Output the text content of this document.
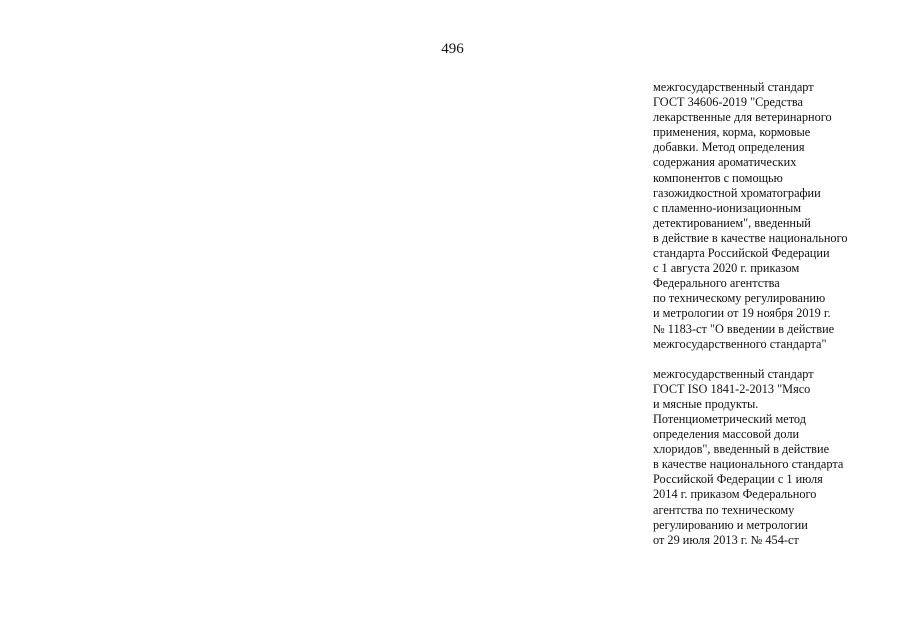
496

межгосударственный стандарт
ГОСТ 34606-2019 "Средства
лекарственные для ветеринарного
применения, корма, кормовые
добавки. Метод определения
содержания ароматических
компонентов с помощью
газожидкостной хроматографии
с пламенно-ионизационным
детектированием", введенный
в действие в качестве национального
стандарта Российской Федерации
с 1 августа 2020 г. приказом
Федерального агентства
по техническому регулированию
и метрологии от 19 ноября 2019 г.
№ 1183-ст "О введении в действие
межгосударственного стандарта"

межгосударственный стандарт
ГОСТ ISO 1841-2-2013 "Мясо
и мясные продукты.
Потенциометрический метод
определения массовой доли
хлоридов", введенный в действие
в качестве национального стандарта
Российской Федерации с 1 июля
2014 г. приказом Федерального
агентства по техническому
регулированию и метрологии
от 29 июля 2013 г. № 454-ст
